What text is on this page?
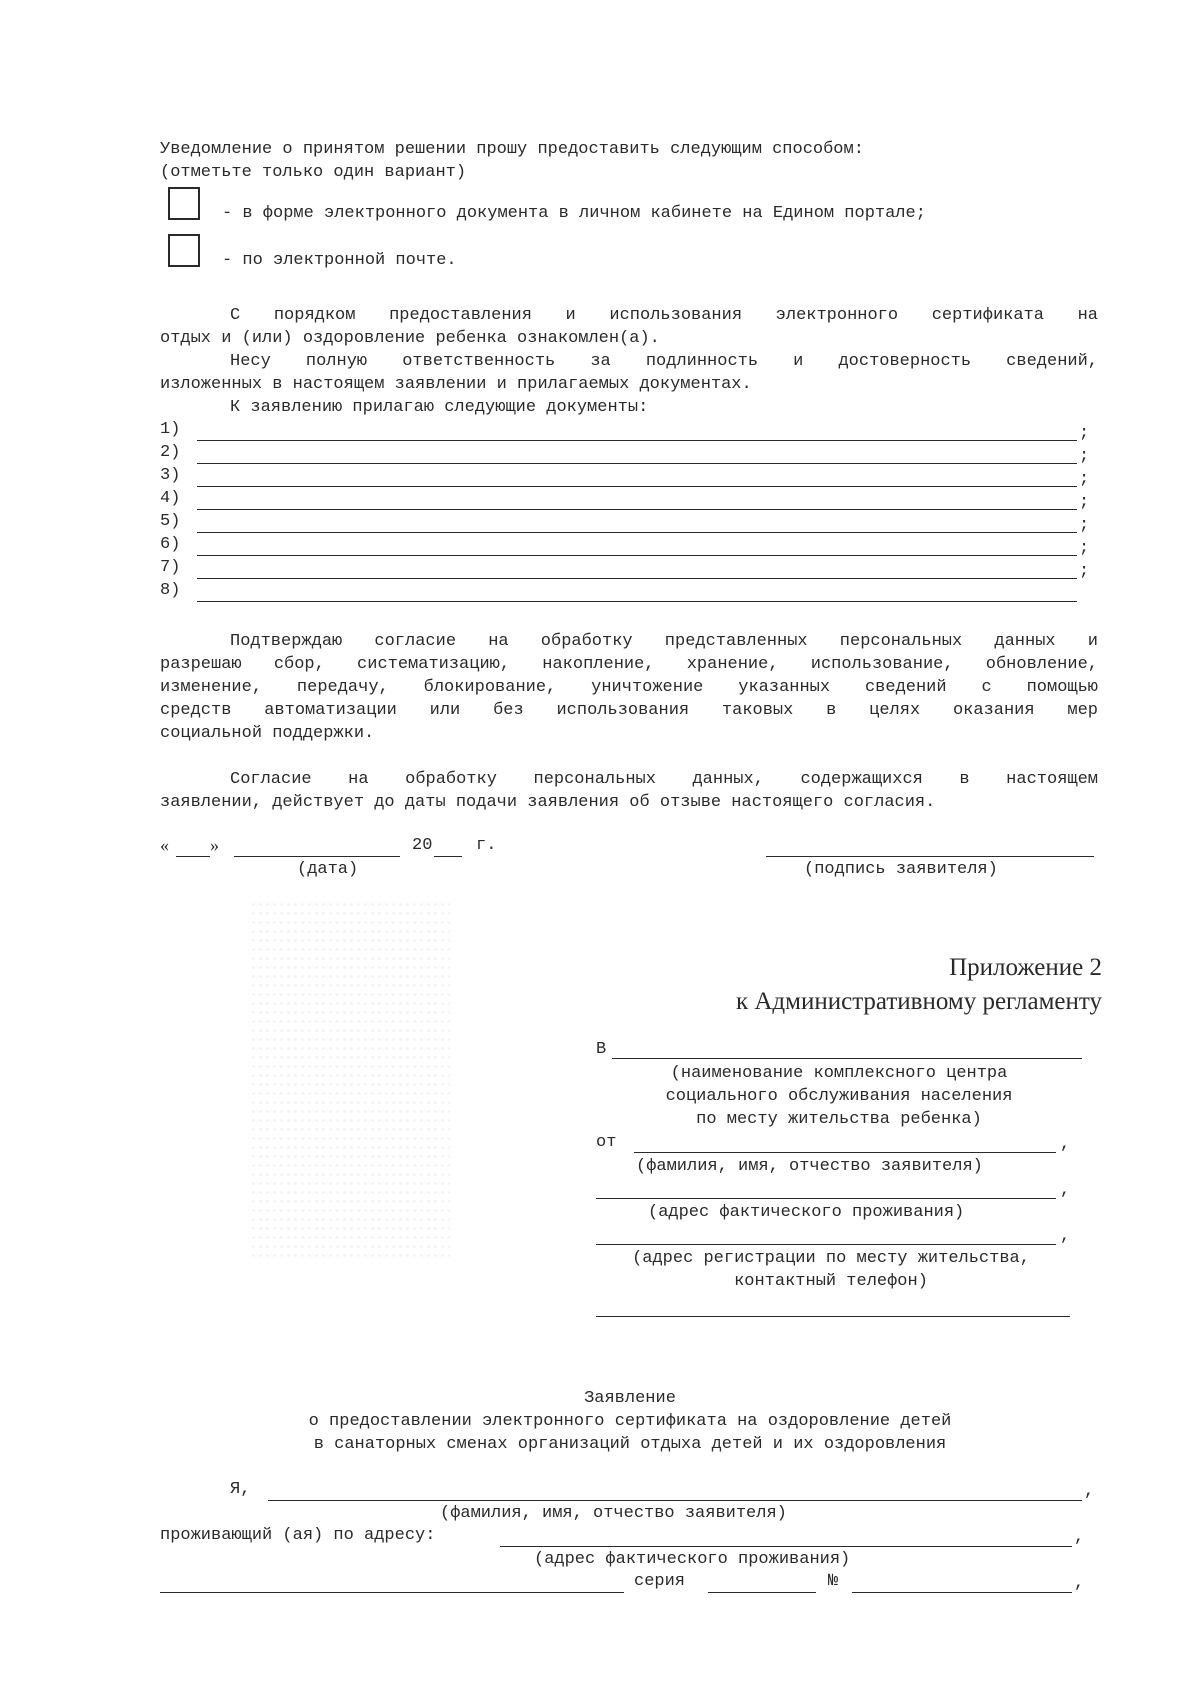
Уведомление о принятом решении прошу предоставить следующим способом:
(отметьте только один вариант)
- в форме электронного документа в личном кабинете на Едином портале;
- по электронной почте.
С порядком предоставления и использования электронного сертификата на
отдых и (или) оздоровление ребенка ознакомлен(а).
Несу полную ответственность за подлинность и достоверность сведений,
изложенных в настоящем заявлении и прилагаемых документах.
К заявлению прилагаю следующие документы:
1)	;
2)	;
3)	;
4)	;
5)	;
6)	;
7)	;
8)
Подтверждаю согласие на обработку представленных персональных данных и
разрешаю сбор, систематизацию, накопление, хранение, использование, обновление,
изменение, передачу, блокирование, уничтожение указанных сведений с помощью
средств автоматизации или без использования таковых в целях оказания мер
социальной поддержки.
Согласие на обработку персональных данных, содержащихся в настоящем
заявлении, действует до даты подачи заявления об отзыве настоящего согласия.
« »	20	г.
(дата)	(подпись заявителя)
Приложение 2
к Административному регламенту
В
(наименование комплексного центра
социального обслуживания населения
по месту жительства ребенка)
от	,
(фамилия, имя, отчество заявителя)
,
(адрес фактического проживания)
,
(адрес регистрации по месту жительства,
контактный телефон)
Заявление
о предоставлении электронного сертификата на оздоровление детей
в санаторных сменах организаций отдыха детей и их оздоровления
Я,	,
(фамилия, имя, отчество заявителя)
проживающий (ая) по адресу:	,
(адрес фактического проживания)
серия	№	,
